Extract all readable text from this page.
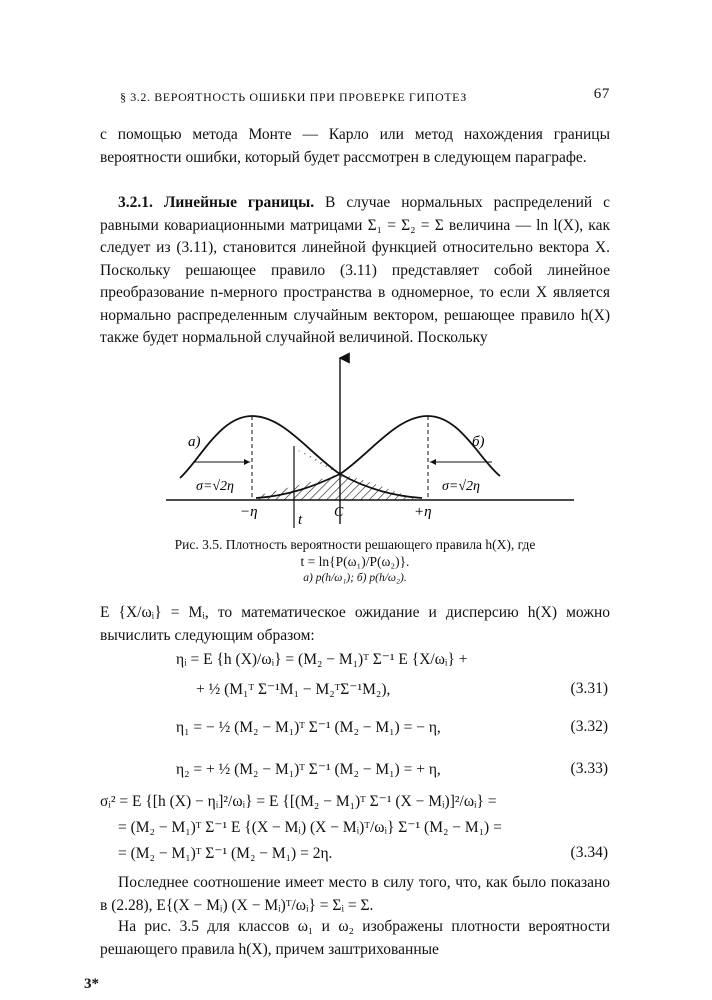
§ 3.2. ВЕРОЯТНОСТЬ ОШИБКИ ПРИ ПРОВЕРКЕ ГИПОТЕЗ	67

с помощью метода Монте — Карло или метод нахождения границы вероятности ошибки, который будет рассмотрен в следующем параграфе.

3.2.1. Линейные границы. В случае нормальных распределений с равными ковариационными матрицами Σ₁ = Σ₂ = Σ величина — ln l(X), как следует из (3.11), становится линейной функцией относительно вектора X. Поскольку решающее правило (3.11) представляет собой линейное преобразование n-мерного пространства в одномерное, то если X является нормально распределенным случайным вектором, решающее правило h(X) также будет нормальной случайной величиной. Поскольку

а)	б)
σ=√2η	σ=√2η
−η	+η
t C
Рис. 3.5. Плотность вероятности решающего правила h(X), где
t = ln{P(ω₁)/P(ω₂)}.
а) p(h/ω₁); б) p(h/ω₂).

E {X/ωᵢ} = Mᵢ, то математическое ожидание и дисперсию h(X) можно вычислить следующим образом:

ηᵢ = E {h (X)/ωᵢ} = (M₂ − M₁)ᵀ Σ⁻¹ E {X/ωᵢ} +
+ ½ (M₁ᵀ Σ⁻¹M₁ − M₂ᵀΣ⁻¹M₂),	(3.31)
η₁ = − ½ (M₂ − M₁)ᵀ Σ⁻¹ (M₂ − M₁) = − η,	(3.32)
η₂ = + ½ (M₂ − M₁)ᵀ Σ⁻¹ (M₂ − M₁) = + η,	(3.33)
σᵢ² = E {[h (X) − ηᵢ]²/ωᵢ} = E {[(M₂ − M₁)ᵀ Σ⁻¹ (X − Mᵢ)]²/ωᵢ} =
= (M₂ − M₁)ᵀ Σ⁻¹ E {(X − Mᵢ) (X − Mᵢ)ᵀ/ωᵢ} Σ⁻¹ (M₂ − M₁) =
= (M₂ − M₁)ᵀ Σ⁻¹ (M₂ − M₁) = 2η.	(3.34)

Последнее соотношение имеет место в силу того, что, как было показано в (2.28), E{(X − Mᵢ) (X − Mᵢ)ᵀ/ωᵢ} = Σᵢ = Σ.

На рис. 3.5 для классов ω₁ и ω₂ изображены плотности вероятности решающего правила h(X), причем заштрихованные

3*
